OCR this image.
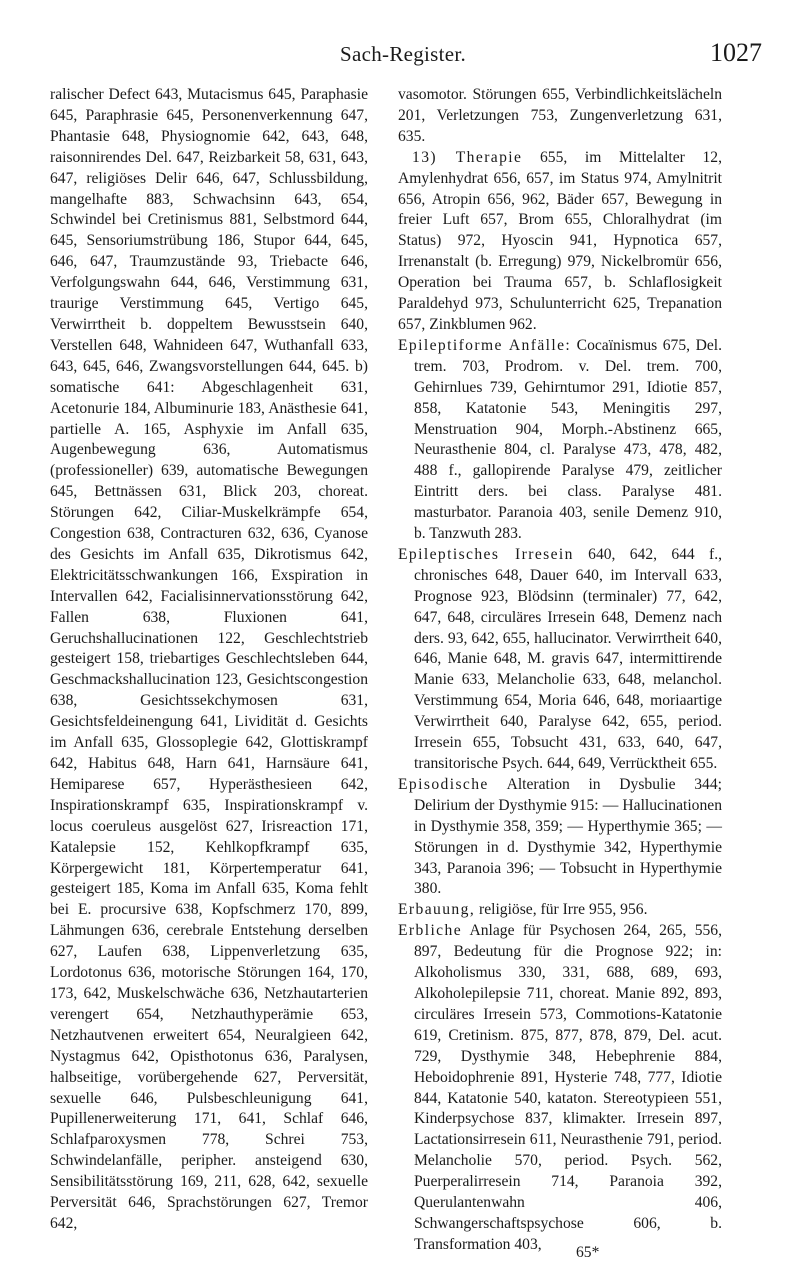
Sach-Register.	1027

ralischer Defect 643, Mutacismus 645, Paraphasie 645, Paraphrasie 645, Personenverkennung 647, Phantasie 648, Physiognomie 642, 643, 648, raisonnirendes Del. 647, Reizbarkeit 58, 631, 643, 647, religiöses Delir 646, 647, Schlussbildung, mangelhafte 883, Schwachsinn 643, 654, Schwindel bei Cretinismus 881, Selbstmord 644, 645, Sensoriumstrübung 186, Stupor 644, 645, 646, 647, Traumzustände 93, Triebacte 646, Verfolgungswahn 644, 646, Verstimmung 631, traurige Verstimmung 645, Vertigo 645, Verwirrtheit b. doppeltem Bewusstsein 640, Verstellen 648, Wahnideen 647, Wuthanfall 633, 643, 645, 646, Zwangsvorstellungen 644, 645. b) somatische 641: Abgeschlagenheit 631, Acetonurie 184, Albuminurie 183, Anästhesie 641, partielle A. 165, Asphyxie im Anfall 635, Augenbewegung 636, Automatismus (professioneller) 639, automatische Bewegungen 645, Bettnässen 631, Blick 203, choreat. Störungen 642, Ciliar-Muskelkrämpfe 654, Congestion 638, Contracturen 632, 636, Cyanose des Gesichts im Anfall 635, Dikrotismus 642, Elektricitätsschwankungen 166, Exspiration in Intervallen 642, Facialisinnervationsstörung 642, Fallen 638, Fluxionen 641, Geruchshallucinationen 122, Geschlechtstrieb gesteigert 158, triebartiges Geschlechtsleben 644, Geschmackshallucination 123, Gesichtscongestion 638, Gesichtssekchymosen 631, Gesichtsfeldeinengung 641, Lividität d. Gesichts im Anfall 635, Glossoplegie 642, Glottiskrampf 642, Habitus 648, Harn 641, Harnsäure 641, Hemiparese 657, Hyperästhesieen 642, Inspirationskrampf 635, Inspirationskrampf v. locus coeruleus ausgelöst 627, Irisreaction 171, Katalepsie 152, Kehlkopfkrampf 635, Körpergewicht 181, Körpertemperatur 641, gesteigert 185, Koma im Anfall 635, Koma fehlt bei E. procursive 638, Kopfschmerz 170, 899, Lähmungen 636, cerebrale Entstehung derselben 627, Laufen 638, Lippenverletzung 635, Lordotonus 636, motorische Störungen 164, 170, 173, 642, Muskelschwäche 636, Netzhautarterien verengert 654, Netzhauthyperämie 653, Netzhautvenen erweitert 654, Neuralgieen 642, Nystagmus 642, Opisthotonus 636, Paralysen, halbseitige, vorübergehende 627, Perversität, sexuelle 646, Pulsbeschleunigung 641, Pupillenerweiterung 171, 641, Schlaf 646, Schlafparoxysmen 778, Schrei 753, Schwindelanfälle, peripher. ansteigend 630, Sensibilitätsstörung 169, 211, 628, 642, sexuelle Perversität 646, Sprachstörungen 627, Tremor 642,

vasomotor. Störungen 655, Verbindlichkeitslächeln 201, Verletzungen 753, Zungenverletzung 631, 635.

13) Therapie 655, im Mittelalter 12, Amylenhydrat 656, 657, im Status 974, Amylnitrit 656, Atropin 656, 962, Bäder 657, Bewegung in freier Luft 657, Brom 655, Chloralhydrat (im Status) 972, Hyoscin 941, Hypnotica 657, Irrenanstalt (b. Erregung) 979, Nickelbromür 656, Operation bei Trauma 657, b. Schlaflosigkeit Paraldehyd 973, Schulunterricht 625, Trepanation 657, Zinkblumen 962.

Epileptiforme Anfälle: Cocaïnismus 675, Del. trem. 703, Prodrom. v. Del. trem. 700, Gehirnlues 739, Gehirntumor 291, Idiotie 857, 858, Katatonie 543, Meningitis 297, Menstruation 904, Morph.-Abstinenz 665, Neurasthenie 804, cl. Paralyse 473, 478, 482, 488 f., gallopirende Paralyse 479, zeitlicher Eintritt ders. bei class. Paralyse 481. masturbator. Paranoia 403, senile Demenz 910, b. Tanzwuth 283.

Epileptisches Irresein 640, 642, 644 f., chronisches 648, Dauer 640, im Intervall 633, Prognose 923, Blödsinn (terminaler) 77, 642, 647, 648, circuläres Irresein 648, Demenz nach ders. 93, 642, 655, hallucinator. Verwirrtheit 640, 646, Manie 648, M. gravis 647, intermittirende Manie 633, Melancholie 633, 648, melanchol. Verstimmung 654, Moria 646, 648, moriaartige Verwirrtheit 640, Paralyse 642, 655, period. Irresein 655, Tobsucht 431, 633, 640, 647, transitorische Psych. 644, 649, Verrücktheit 655.

Episodische Alteration in Dysbulie 344; Delirium der Dysthymie 915: — Hallucinationen in Dysthymie 358, 359; — Hyperthymie 365; — Störungen in d. Dysthymie 342, Hyperthymie 343, Paranoia 396; — Tobsucht in Hyperthymie 380.

Erbauung, religiöse, für Irre 955, 956.

Erbliche Anlage für Psychosen 264, 265, 556, 897, Bedeutung für die Prognose 922; in: Alkoholismus 330, 331, 688, 689, 693, Alkoholepilepsie 711, choreat. Manie 892, 893, circuläres Irresein 573, Commotions-Katatonie 619, Cretinism. 875, 877, 878, 879, Del. acut. 729, Dysthymie 348, Hebephrenie 884, Heboidophrenie 891, Hysterie 748, 777, Idiotie 844, Katatonie 540, kataton. Stereotypieen 551, Kinderpsychose 837, klimakter. Irresein 897, Lactationsirresein 611, Neurasthenie 791, period. Melancholie 570, period. Psych. 562, Puerperalirresein 714, Paranoia 392, Querulantenwahn 406, Schwangerschaftspsychose 606, b. Transformation 403,	65*
